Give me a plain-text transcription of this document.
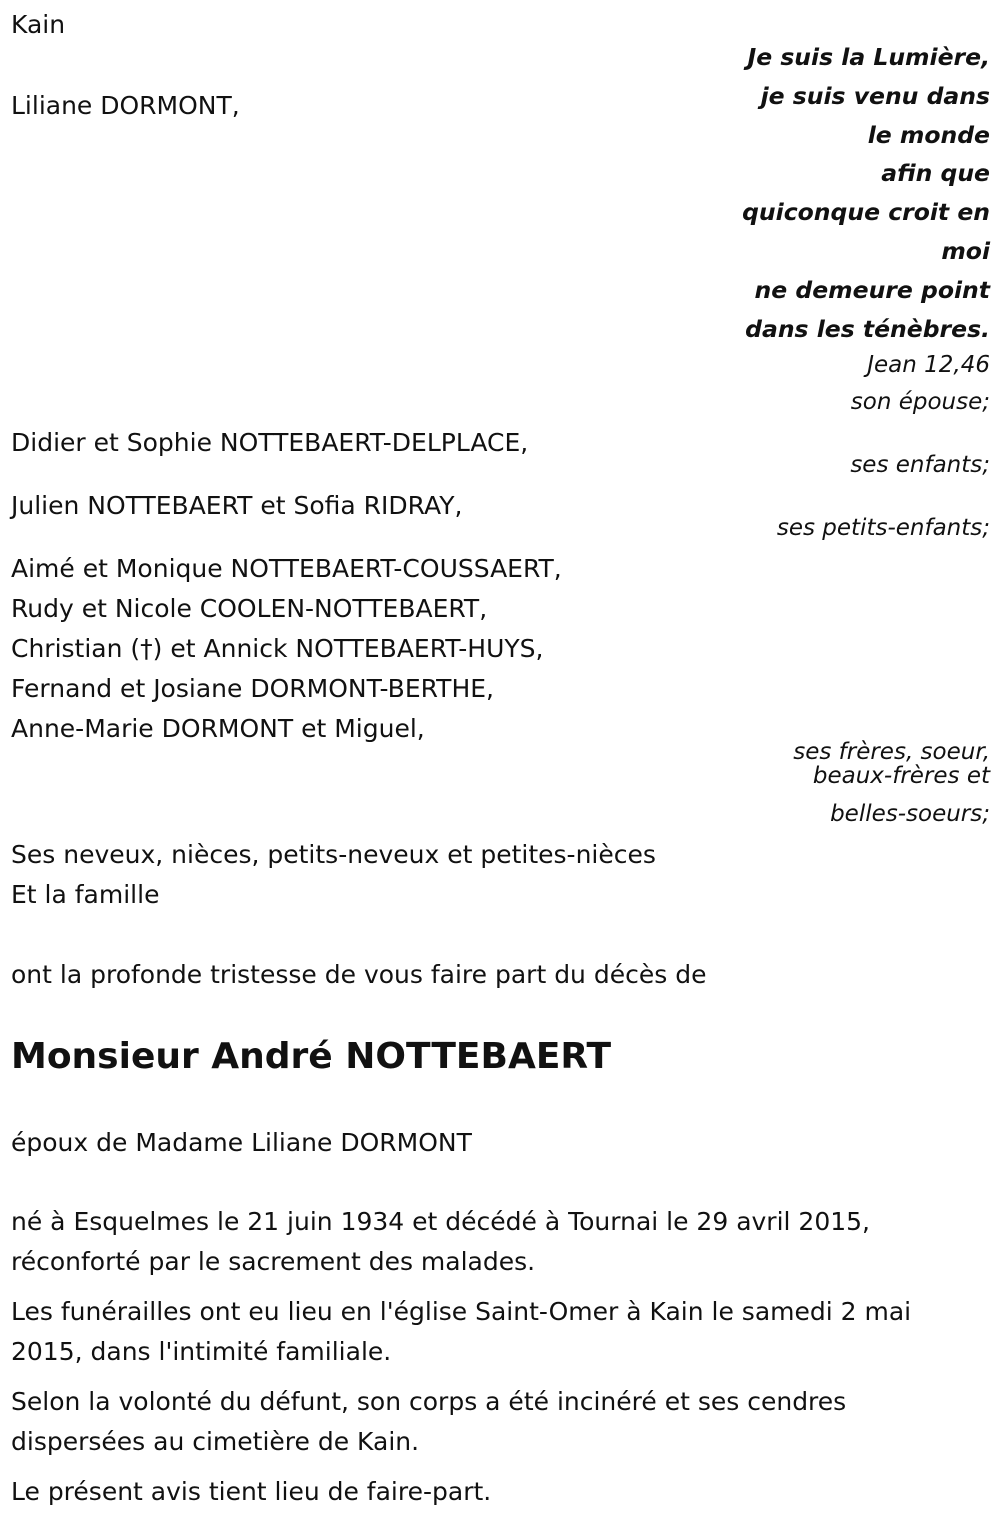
Kain

Liliane DORMONT,

Je suis la Lumière,
je suis venu dans
le monde
afin que
quiconque croit en
moi
ne demeure point
dans les ténèbres.

Jean 12,46

son épouse;
ses enfants;
ses petits-enfants;
ses frères, soeur,
beaux-frères et
belles-soeurs;
Didier et Sophie NOTTEBAERT-DELPLACE,
Julien NOTTEBAERT et Sofia RIDRAY,
Aimé et Monique NOTTEBAERT-COUSSAERT,
Rudy et Nicole COOLEN-NOTTEBAERT,
Christian (†) et Annick NOTTEBAERT-HUYS,
Fernand et Josiane DORMONT-BERTHE,
Anne-Marie DORMONT et Miguel,
Ses neveux, nièces, petits-neveux et petites-nièces
Et la famille

ont la profonde tristesse de vous faire part du décès de

Monsieur André NOTTEBAERT

époux de Madame Liliane DORMONT

né à Esquelmes le 21 juin 1934 et décédé à Tournai le 29 avril 2015, réconforté par le sacrement des malades.

Les funérailles ont eu lieu en l'église Saint-Omer à Kain le samedi 2 mai 2015, dans l'intimité familiale.

Selon la volonté du défunt, son corps a été incinéré et ses cendres dispersées au cimetière de Kain.

Le présent avis tient lieu de faire-part.
